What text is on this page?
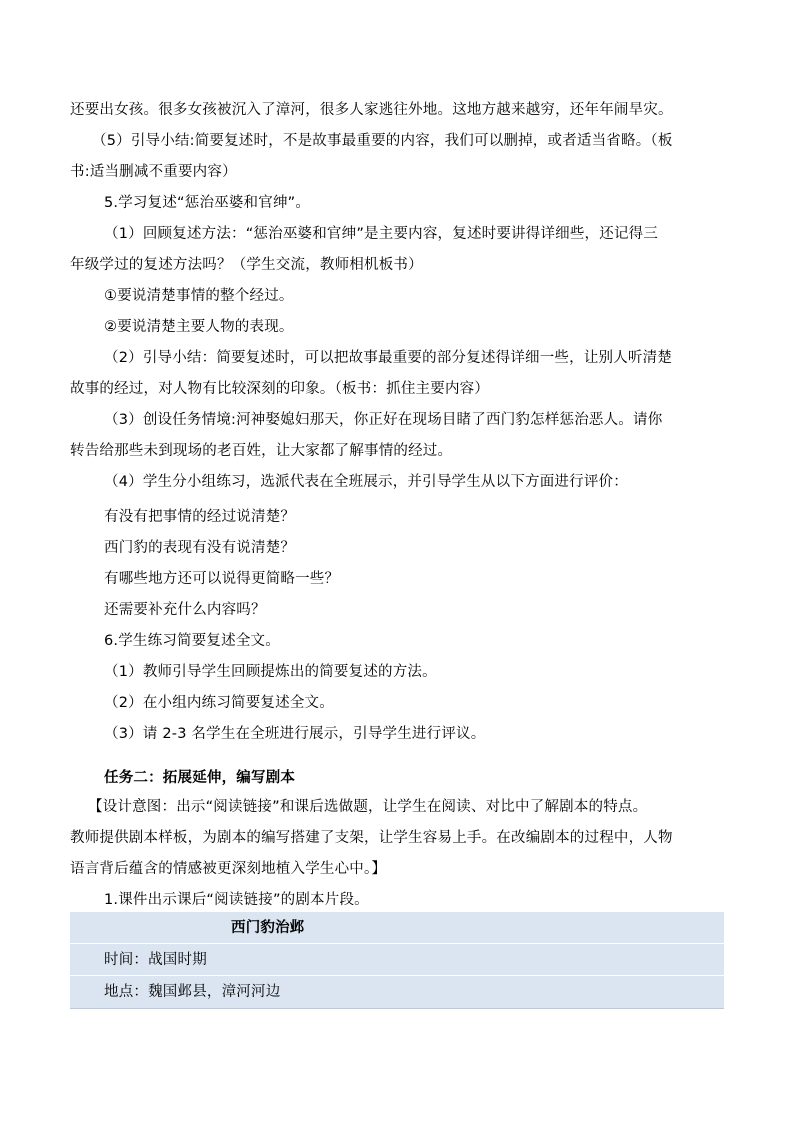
还要出女孩。很多女孩被沉入了漳河，很多人家逃往外地。这地方越来越穷，还年年闹旱灾。
（5）引导小结:简要复述时，不是故事最重要的内容，我们可以删掉，或者适当省略。（板
书:适当删减不重要内容）
5.学习复述“惩治巫婆和官绅”。
（1）回顾复述方法：“惩治巫婆和官绅”是主要内容，复述时要讲得详细些，还记得三
年级学过的复述方法吗？（学生交流，教师相机板书）
①要说清楚事情的整个经过。
②要说清楚主要人物的表现。
（2）引导小结：简要复述时，可以把故事最重要的部分复述得详细一些，让别人听清楚
故事的经过，对人物有比较深刻的印象。（板书：抓住主要内容）
（3）创设任务情境:河神娶媳妇那天，你正好在现场目睹了西门豹怎样惩治恶人。请你
转告给那些未到现场的老百姓，让大家都了解事情的经过。
（4）学生分小组练习，选派代表在全班展示，并引导学生从以下方面进行评价：
有没有把事情的经过说清楚？
西门豹的表现有没有说清楚？
有哪些地方还可以说得更简略一些？
还需要补充什么内容吗？
6.学生练习简要复述全文。
（1）教师引导学生回顾提炼出的简要复述的方法。
（2）在小组内练习简要复述全文。
（3）请 2-3 名学生在全班进行展示，引导学生进行评议。
任务二：拓展延伸，编写剧本
【设计意图：出示“阅读链接”和课后选做题，让学生在阅读、对比中了解剧本的特点。
教师提供剧本样板，为剧本的编写搭建了支架，让学生容易上手。在改编剧本的过程中，人物
语言背后蕴含的情感被更深刻地植入学生心中。】
1.课件出示课后“阅读链接”的剧本片段。
西门豹治邺
时间：战国时期
地点：魏国邺县，漳河河边
